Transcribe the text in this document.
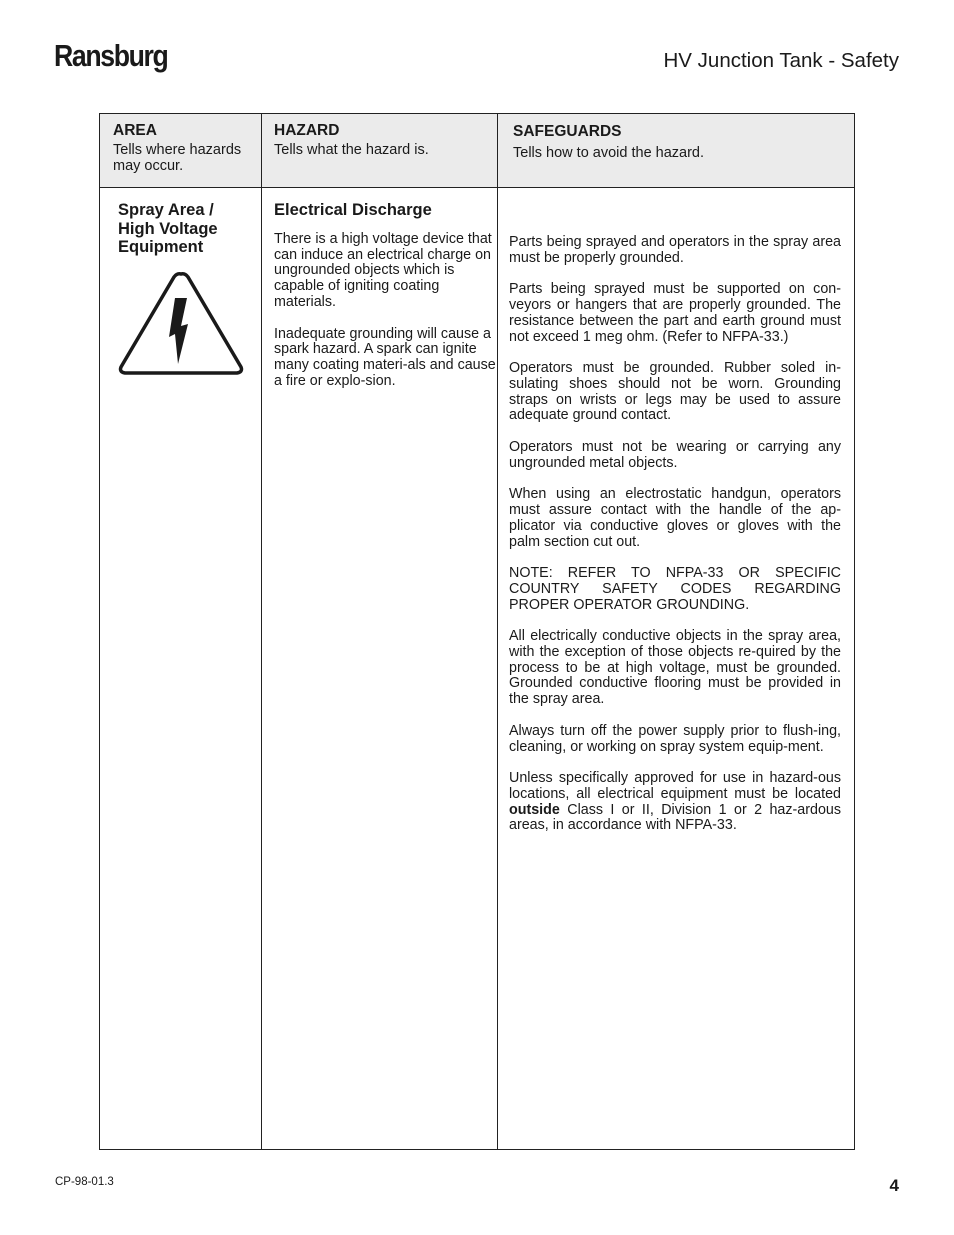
Ransburg	HV Junction Tank - Safety
AREA
Tells where hazards may occur.
HAZARD
Tells what the hazard is.
SAFEGUARDS
Tells how to avoid the hazard.
Spray Area / High Voltage Equipment
Electrical Discharge

There is a high voltage device that can induce an electrical charge on ungrounded objects which is capable of igniting coating materials.

Inadequate grounding will cause a spark hazard. A spark can ignite many coating materi-als and cause a fire or explo-sion.

Parts being sprayed and operators in the spray area must be properly grounded.

Parts being sprayed must be supported on con-veyors or hangers that are properly grounded. The resistance between the part and earth ground must not exceed 1 meg ohm. (Refer to NFPA-33.)

Operators must be grounded. Rubber soled in-sulating shoes should not be worn. Grounding straps on wrists or legs may be used to assure adequate ground contact.

Operators must not be wearing or carrying any ungrounded metal objects.

When using an electrostatic handgun, operators must assure contact with the handle of the ap-plicator via conductive gloves or gloves with the palm section cut out.

NOTE: REFER TO NFPA-33 OR SPECIFIC COUNTRY SAFETY CODES REGARDING PROPER OPERATOR GROUNDING.

All electrically conductive objects in the spray area, with the exception of those objects re-quired by the process to be at high voltage, must be grounded. Grounded conductive flooring must be provided in the spray area.

Always turn off the power supply prior to flush-ing, cleaning, or working on spray system equip-ment.

Unless specifically approved for use in hazard-ous locations, all electrical equipment must be located outside Class I or II, Division 1 or 2 haz-ardous areas, in accordance with NFPA-33.

CP-98-01.3	4
